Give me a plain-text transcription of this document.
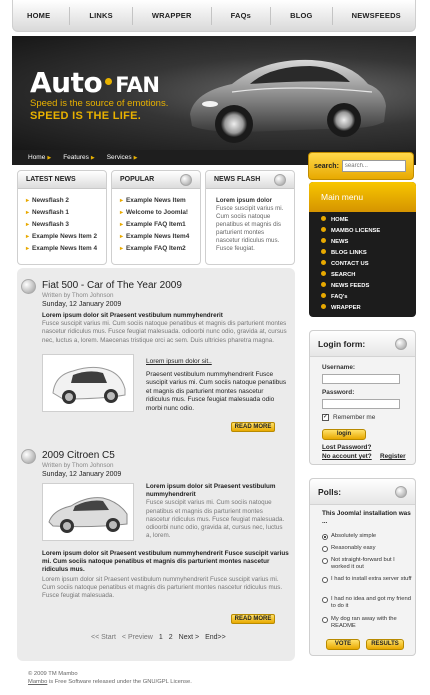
HOME	LINKS	WRAPPER	FAQs	BLOG	NEWSFEEDS
Auto FAN
Speed is the source of emotions.
SPEED IS THE LIFE.
Home ▶ Features ▶ Services ▶
search:
search...
LATEST NEWS
▸ Newsflash 2
▸ Newsflash 1
▸ Newsflash 3
▸ Example News Item 2
▸ Example News Item 4
POPULAR
▸ Example News Item
▸ Welcome to Joomla!
▸ Example FAQ Item1
▸ Example News Item4
▸ Example FAQ Item2
NEWS FLASH
Lorem ipsum dolor
Fusce suscipit varius mi. Cum sociis natoque penatibus et magnis dis parturient montes nascetur ridiculus mus. Fusce feugiat.
Fiat 500 - Car of The Year 2009
Written by Thom Johnson
Sunday, 12 January 2009
Lorem ipsum dolor sit Praesent vestibulum nummyhendrerit
Fusce suscipit varius mi. Cum sociis natoque penatibus et magnis dis parturient montes nascetur ridiculus mus. Fusce feugiat malesuada. odioorbi nunc odio, gravida at, cursus nec, luctus a, lorem. Maecenas tristique orci ac sem. Duis ultricies pharetra magna.
Lorem ipsum dolor sit..
Praesent vestibulum nummyhendrerit Fusce suscipit varius mi. Cum sociis natoque penatibus et magnis dis parturient montes nascetur ridiculus mus. Fusce feugiat malesuada odio morbi nunc odio.
READ MORE
2009 Citroen C5
Written by Thom Johnson
Sunday, 12 January 2009
Lorem ipsum dolor sit Praesent vestibulum nummyhendrerit
Fusce suscipit varius mi. Cum sociis natoque penatibus et magnis dis parturient montes nascetur ridiculus mus. Fusce feugiat malesuada. odioorbi nunc odio, gravida at, cursus nec, luctus a, lorem.
Lorem ipsum dolor sit Praesent vestibulum nummyhendrerit Fusce suscipit varius mi. Cum sociis natoque penatibus et magnis dis parturient montes nascetur ridiculus mus.
Lorem ipsum dolor sit Praesent vestibulum nummyhendrerit Fusce suscipit varius mi. Cum sociis natoque penatibus et magnis dis parturient montes nascetur ridiculus mus. Fusce feugiat malesuada.
READ MORE
<< Start < Preview 1 2 Next > End>>
Main menu
HOME
MAMBO LICENSE
NEWS
BLOG LINKS
CONTACT US
SEARCH
NEWS FEEDS
FAQ's
WRAPPER
Login form:
Username:
Password:
✓ Remember me
login
Lost Password?
No account yet? Register
Polls:
This Joomla! installation was ...
Absolutely simple
Reasonably easy
Not straight-forward but I worked it out
I had to install extra server stuff
I had no idea and got my friend to do it
My dog ran away with the README
VOTE	RESULTS
© 2009 TM Mambo
Mambo is Free Software released under the GNU/GPL License.
